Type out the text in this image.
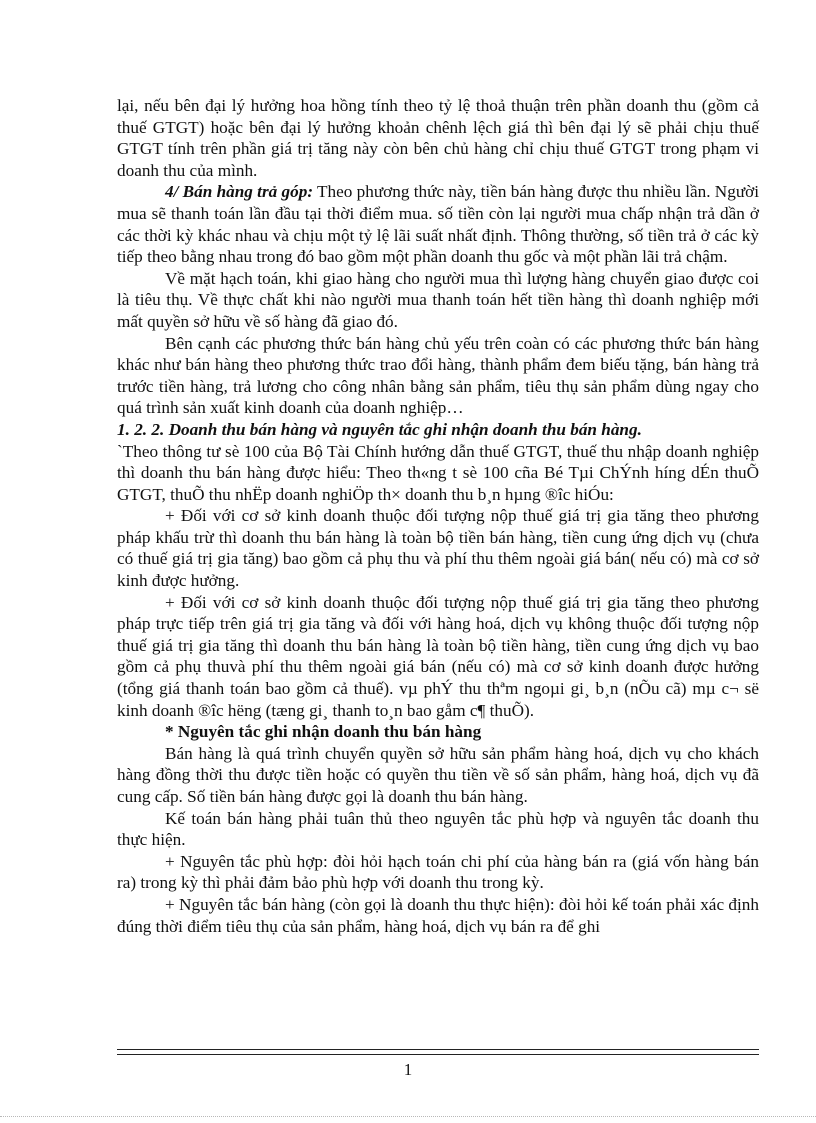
lại, nếu bên đại lý hưởng hoa hồng tính theo tỷ lệ thoả thuận trên phần doanh thu (gồm cả thuế GTGT) hoặc bên đại lý hưởng khoản chênh lệch giá thì bên đại lý sẽ phải chịu thuế GTGT tính trên phần giá trị tăng này còn bên chủ hàng chỉ chịu thuế GTGT trong phạm vi doanh thu của mình.

4/ Bán hàng trả góp: Theo phương thức này, tiền bán hàng được thu nhiều lần. Người mua sẽ thanh toán lần đầu tại thời điểm mua. số tiền còn lại người mua chấp nhận trả dần ở các thời kỳ khác nhau và chịu một tỷ lệ lãi suất nhất định. Thông thường, số tiền trả ở các kỳ tiếp theo bằng nhau trong đó bao gồm một phần doanh thu gốc và một phần lãi trả chậm.

Về mặt hạch toán, khi giao hàng cho người mua thì lượng hàng chuyển giao được coi là tiêu thụ. Về thực chất khi nào người mua thanh toán hết tiền hàng thì doanh nghiệp mới mất quyền sở hữu về số hàng đã giao đó.

Bên cạnh các phương thức bán hàng chủ yếu trên coàn có các phương thức bán hàng khác như bán hàng theo phương thức trao đổi hàng, thành phẩm đem biếu tặng, bán hàng trả trước tiền hàng, trả lương cho công nhân bằng sản phẩm, tiêu thụ sản phẩm dùng ngay cho quá trình sản xuất kinh doanh của doanh nghiệp…

1. 2. 2. Doanh thu bán hàng và nguyên tắc ghi nhận doanh thu bán hàng.

`Theo thông tư sè 100 của Bộ Tài Chính hướng dẫn thuế GTGT, thuế thu nhập doanh nghiệp thì doanh thu bán hàng được hiểu: Theo th«ng t sè 100 cña Bé Tµi ChÝnh híng dÉn thuÕ GTGT, thuÕ thu nhËp doanh nghiÖp th× doanh thu b¸n hµng ®îc hiÓu:

+ Đối với cơ sở kinh doanh thuộc đối tượng nộp thuế giá trị gia tăng theo phương pháp khấu trừ thì doanh thu bán hàng là toàn bộ tiền bán hàng, tiền cung ứng dịch vụ (chưa có thuế giá trị gia tăng) bao gồm cả phụ thu và phí thu thêm ngoài giá bán( nếu có) mà cơ sở kinh được hưởng.

+ Đối với cơ sở kinh doanh thuộc đối tượng nộp thuế giá trị gia tăng theo phương pháp trực tiếp trên giá trị gia tăng và đối với hàng hoá, dịch vụ không thuộc đối tượng nộp thuế giá trị gia tăng thì doanh thu bán hàng là toàn bộ tiền hàng, tiền cung ứng dịch vụ bao gồm cả phụ thuvà phí thu thêm ngoài giá bán (nếu có) mà cơ sở kinh doanh được hưởng (tổng giá thanh toán bao gồm cả thuế). vµ phÝ thu thªm ngoµi gi¸ b¸n (nÕu cã) mµ c¬ së kinh doanh ®îc hëng (tæng gi¸ thanh to¸n bao gåm c¶ thuÕ).

* Nguyên tắc ghi nhận doanh thu bán hàng

Bán hàng là quá trình chuyển quyền sở hữu sản phẩm hàng hoá, dịch vụ cho khách hàng đồng thời thu được tiền hoặc có quyền thu tiền về số sản phẩm, hàng hoá, dịch vụ đã cung cấp. Số tiền bán hàng được gọi là doanh thu bán hàng.

Kế toán bán hàng phải tuân thủ theo nguyên tắc phù hợp và nguyên tắc doanh thu thực hiện.

+ Nguyên tắc phù hợp: đòi hỏi hạch toán chi phí của hàng bán ra (giá vốn hàng bán ra) trong kỳ thì phải đảm bảo phù hợp với doanh thu trong kỳ.

+ Nguyên tắc bán hàng (còn gọi là doanh thu thực hiện): đòi hỏi kế toán phải xác định đúng thời điểm tiêu thụ của sản phẩm, hàng hoá, dịch vụ bán ra để ghi

1
